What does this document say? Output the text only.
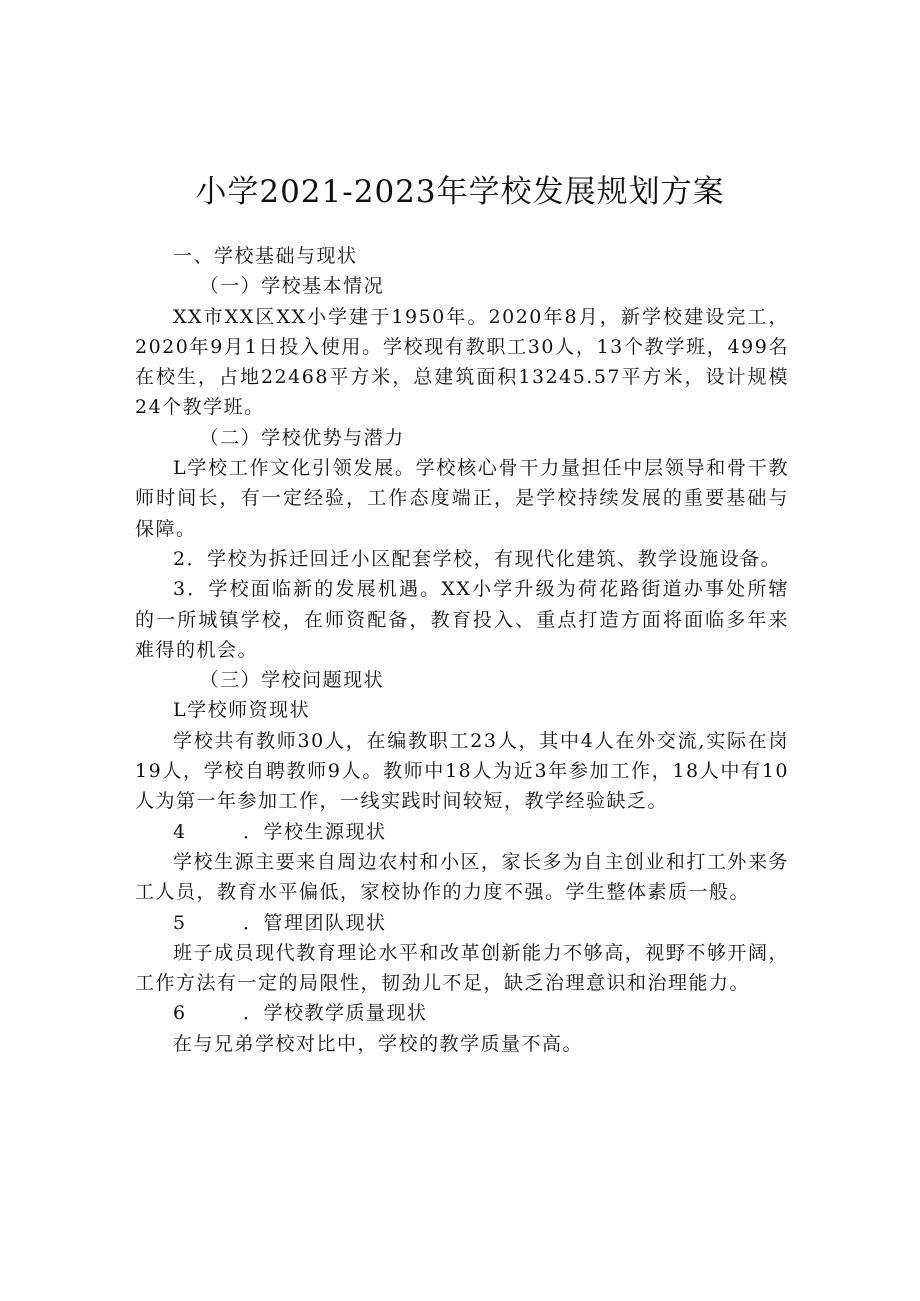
小学2021-2023年学校发展规划方案

一、学校基础与现状

（一）学校基本情况

XX市XX区XX小学建于1950年。2020年8月，新学校建设完工，2020年9月1日投入使用。学校现有教职工30人，13个教学班，499名在校生，占地22468平方米，总建筑面积13245.57平方米，设计规模24个教学班。

（二）学校优势与潜力

L学校工作文化引领发展。学校核心骨干力量担任中层领导和骨干教师时间长，有一定经验，工作态度端正，是学校持续发展的重要基础与保障。

2．学校为拆迁回迁小区配套学校，有现代化建筑、教学设施设备。

3．学校面临新的发展机遇。XX小学升级为荷花路街道办事处所辖的一所城镇学校，在师资配备，教育投入、重点打造方面将面临多年来难得的机会。

（三）学校问题现状

L学校师资现状

学校共有教师30人，在编教职工23人，其中4人在外交流,实际在岗19人，学校自聘教师9人。教师中18人为近3年参加工作，18人中有10人为第一年参加工作，一线实践时间较短，教学经验缺乏。

4	．学校生源现状

学校生源主要来自周边农村和小区，家长多为自主创业和打工外来务工人员，教育水平偏低，家校协作的力度不强。学生整体素质一般。

5	．管理团队现状

班子成员现代教育理论水平和改革创新能力不够高，视野不够开阔，工作方法有一定的局限性，韧劲儿不足，缺乏治理意识和治理能力。

6	．学校教学质量现状

在与兄弟学校对比中，学校的教学质量不高。
